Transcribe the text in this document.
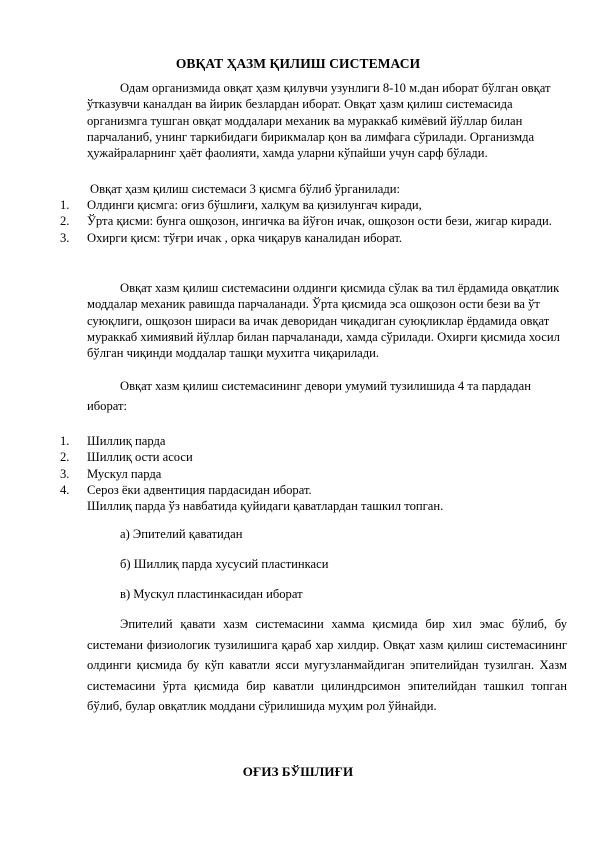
ОВҚАТ ҲАЗМ ҚИЛИШ СИСТЕМАСИ

Одам организмида овқат ҳазм қилувчи узунлиги 8-10 м.дан иборат бўлган овқат ўтказувчи каналдан ва йирик безлардан иборат. Овқат ҳазм қилиш системасида организмга тушган овқат моддалари механик ва мураккаб кимёвий йўллар билан парчаланиб, унинг таркибидаги бирикмалар қон ва лимфага сўрилади. Организмда ҳужайраларнинг ҳаёт фаолияти, хамда уларни кўпайши учун сарф бўлади.

Овқат ҳазм қилиш системаси 3 қисмга бўлиб ўрганилади:

1. Олдинги қисмга: оғиз бўшлиғи, халқум ва қизилунгач киради,
2. Ўрта қисми: бунга ошқозон, ингичка ва йўғон ичак, ошқозон ости бези, жигар киради.
3. Охирги қисм: тўғри ичак , орка чиқарув каналидан иборат.

Овқат хазм қилиш системасини олдинги қисмида сўлак ва тил ёрдамида овқатлик моддалар механик равишда парчаланади. Ўрта қисмида эса ошқозон ости бези ва ўт суюқлиги, ошқозон шираси ва ичак деворидан чиқадиган суюқликлар ёрдамида овқат мураккаб химиявий йўллар билан парчаланади, хамда сўрилади. Охирги қисмида хосил бўлган чиқинди моддалар ташқи мухитга чиқарилади.

Овқат хазм қилиш системасининг девори умумий тузилишида 4 та пардадан иборат:

1. Шиллиқ парда
2. Шиллиқ ости асоси
3. Мускул парда
4. Сероз ёки адвентиция пардасидан иборат.
Шиллиқ парда ўз навбатида қуйидаги қаватлардан ташкил топган.
а) Эпителий қаватидан
б) Шиллиқ парда хусусий пластинкаси
в) Мускул пластинкасидан иборат

Эпителий қавати хазм системасини хамма қисмида бир хил эмас бўлиб, бу системани физиологик тузилишига қараб хар хилдир. Овқат хазм қилиш системасининг олдинги қисмида бу кўп каватли ясси мугузланмайдиган эпителийдан тузилган. Хазм системасини ўрта қисмида бир каватли цилиндрсимон эпителийдан ташкил топган бўлиб, булар овқатлик моддани сўрилишида муҳим рол ўйнайди.

ОҒИЗ БЎШЛИҒИ
